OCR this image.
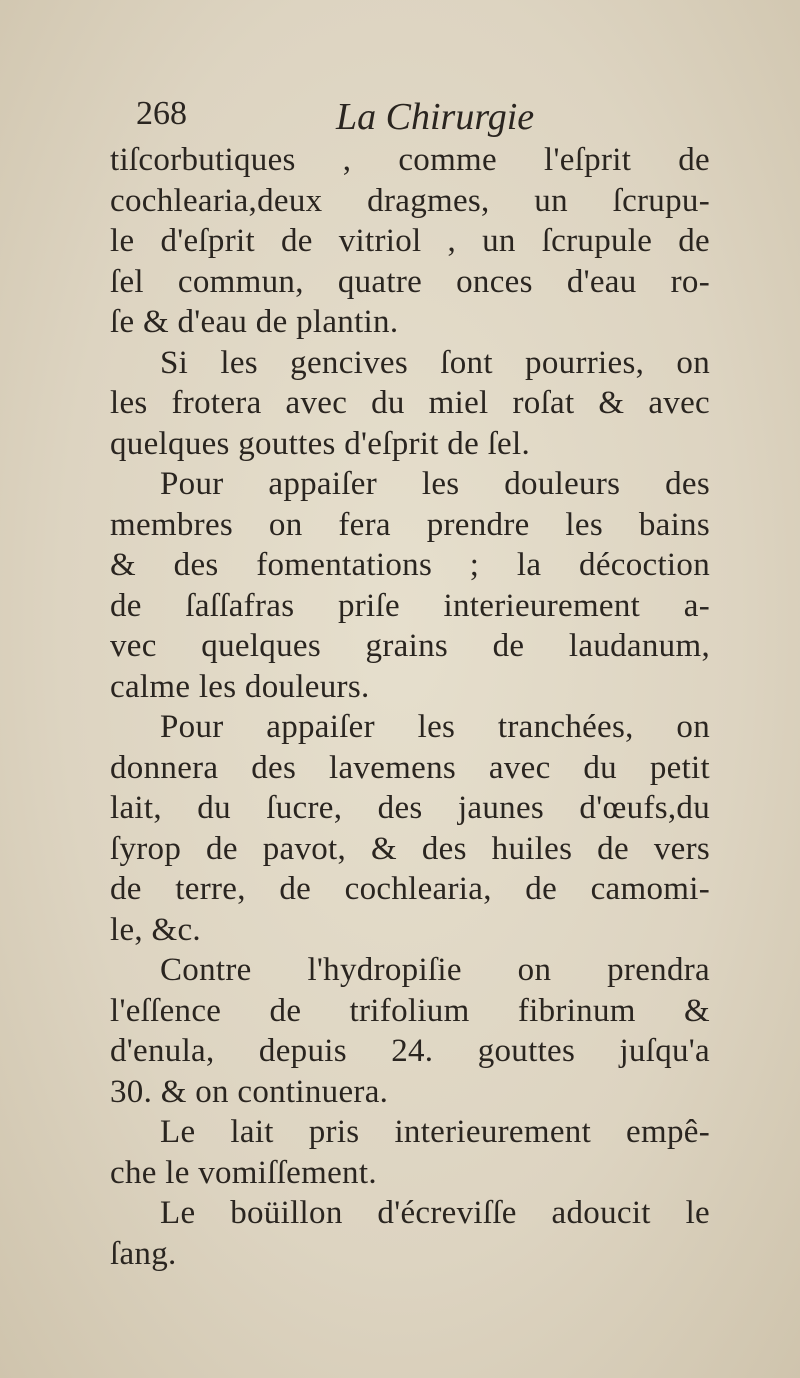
268	La Chirurgie
tiſcorbutiques , comme l'eſprit de
cochlearia,deux dragmes, un ſcrupu-
le d'eſprit de vitriol , un ſcrupule de
ſel commun, quatre onces d'eau ro-
ſe & d'eau de plantin.
Si les gencives ſont pourries, on
les frotera avec du miel roſat & avec
quelques gouttes d'eſprit de ſel.
Pour appaiſer les douleurs des
membres on fera prendre les bains
& des fomentations ; la décoction
de ſaſſafras priſe interieurement a-
vec quelques grains de laudanum,
calme les douleurs.
Pour appaiſer les tranchées, on
donnera des lavemens avec du petit
lait, du ſucre, des jaunes d'œufs,du
ſyrop de pavot, & des huiles de vers
de terre, de cochlearia, de camomi-
le, &c.
Contre l'hydropiſie on prendra
l'eſſence de trifolium fibrinum &
d'enula, depuis 24. gouttes juſqu'a
30. & on continuera.
Le lait pris interieurement empê-
che le vomiſſement.
Le boüillon d'écreviſſe adoucit le
ſang.
